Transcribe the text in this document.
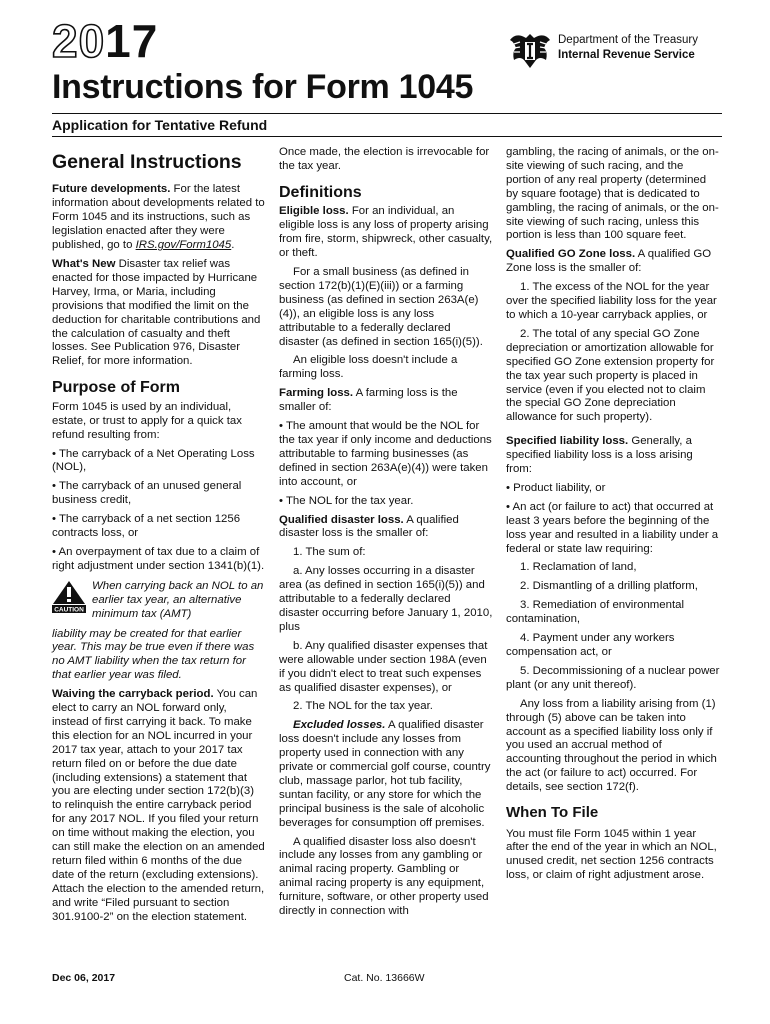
2017
Instructions for Form 1045
Application for Tentative Refund
Department of the Treasury
Internal Revenue Service
General Instructions

Future developments. For the latest information about developments related to Form 1045 and its instructions, such as legislation enacted after they were published, go to IRS.gov/Form1045.

What's New Disaster tax relief was enacted for those impacted by Hurricane Harvey, Irma, or Maria, including provisions that modified the limit on the deduction for charitable contributions and the calculation of casualty and theft losses. See Publication 976, Disaster Relief, for more information.

Purpose of Form

Form 1045 is used by an individual, estate, or trust to apply for a quick tax refund resulting from:

• The carryback of a Net Operating Loss (NOL),

• The carryback of an unused general business credit,

• The carryback of a net section 1256 contracts loss, or

• An overpayment of tax due to a claim of right adjustment under section 1341(b)(1).

CAUTION
When carrying back an NOL to an earlier tax year, an alternative minimum tax (AMT)

liability may be created for that earlier year. This may be true even if there was no AMT liability when the tax return for that earlier year was filed.

Waiving the carryback period. You can elect to carry an NOL forward only, instead of first carrying it back. To make this election for an NOL incurred in your 2017 tax year, attach to your 2017 tax return filed on or before the due date (including extensions) a statement that you are electing under section 172(b)(3) to relinquish the entire carryback period for any 2017 NOL. If you filed your return on time without making the election, you can still make the election on an amended return filed within 6 months of the due date of the return (excluding extensions). Attach the election to the amended return, and write “Filed pursuant to section 301.9100-2” on the election statement.

Once made, the election is irrevocable for the tax year.

Definitions

Eligible loss. For an individual, an eligible loss is any loss of property arising from fire, storm, shipwreck, other casualty, or theft.

For a small business (as defined in section 172(b)(1)(E)(iii)) or a farming business (as defined in section 263A(e)(4)), an eligible loss is any loss attributable to a federally declared disaster (as defined in section 165(i)(5)).

An eligible loss doesn't include a farming loss.

Farming loss. A farming loss is the smaller of:

• The amount that would be the NOL for the tax year if only income and deductions attributable to farming businesses (as defined in section 263A(e)(4)) were taken into account, or

• The NOL for the tax year.

Qualified disaster loss. A qualified disaster loss is the smaller of:

1. The sum of:

a. Any losses occurring in a disaster area (as defined in section 165(i)(5)) and attributable to a federally declared disaster occurring before January 1, 2010, plus

b. Any qualified disaster expenses that were allowable under section 198A (even if you didn't elect to treat such expenses as qualified disaster expenses), or

2. The NOL for the tax year.

Excluded losses. A qualified disaster loss doesn't include any losses from property used in connection with any private or commercial golf course, country club, massage parlor, hot tub facility, suntan facility, or any store for which the principal business is the sale of alcoholic beverages for consumption off premises.

A qualified disaster loss also doesn't include any losses from any gambling or animal racing property. Gambling or animal racing property is any equipment, furniture, software, or other property used directly in connection with

gambling, the racing of animals, or the on-site viewing of such racing, and the portion of any real property (determined by square footage) that is dedicated to gambling, the racing of animals, or the on-site viewing of such racing, unless this portion is less than 100 square feet.

Qualified GO Zone loss. A qualified GO Zone loss is the smaller of:

1. The excess of the NOL for the year over the specified liability loss for the year to which a 10-year carryback applies, or

2. The total of any special GO Zone depreciation or amortization allowable for specified GO Zone extension property for the tax year such property is placed in service (even if you elected not to claim the special GO Zone depreciation allowance for such property).

Specified liability loss. Generally, a specified liability loss is a loss arising from:

• Product liability, or

• An act (or failure to act) that occurred at least 3 years before the beginning of the loss year and resulted in a liability under a federal or state law requiring:

1. Reclamation of land,

2. Dismantling of a drilling platform,

3. Remediation of environmental contamination,

4. Payment under any workers compensation act, or

5. Decommissioning of a nuclear power plant (or any unit thereof).

Any loss from a liability arising from (1) through (5) above can be taken into account as a specified liability loss only if you used an accrual method of accounting throughout the period in which the act (or failure to act) occurred. For details, see section 172(f).

When To File

You must file Form 1045 within 1 year after the end of the year in which an NOL, unused credit, net section 1256 contracts loss, or claim of right adjustment arose.

Dec 06, 2017	Cat. No. 13666W
